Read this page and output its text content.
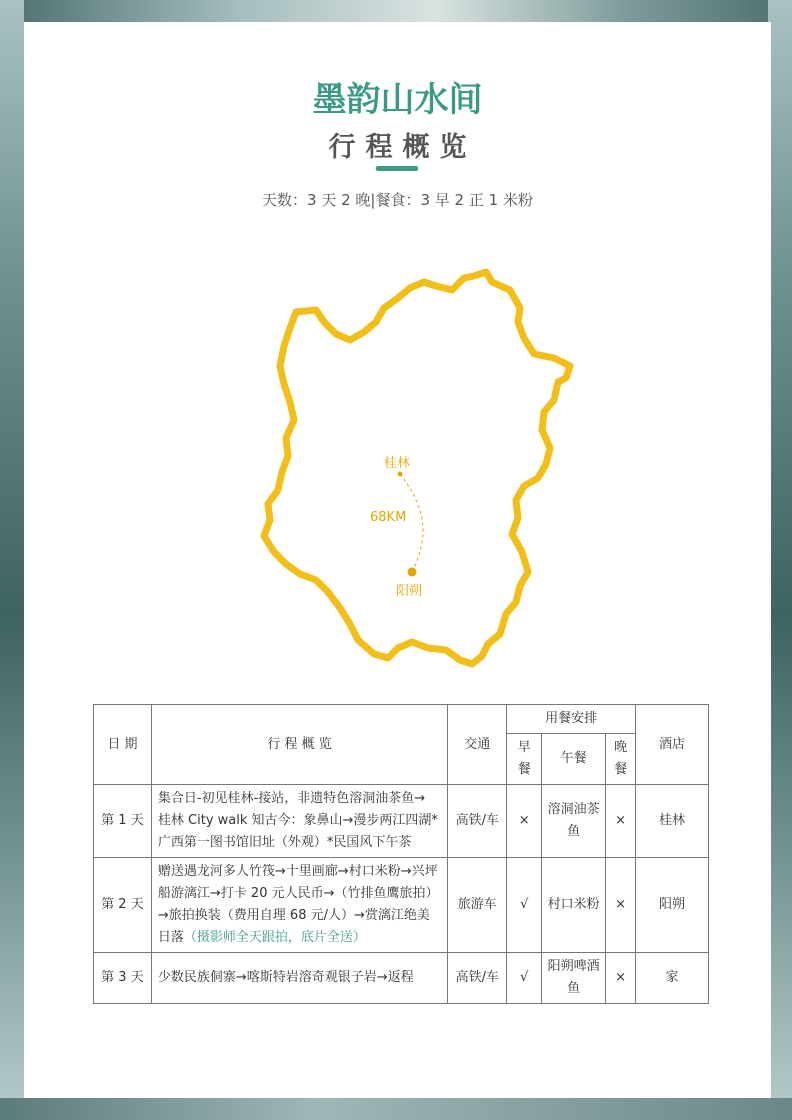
墨韵山水间
行程概览
天数：3 天 2 晚|餐食：3 早 2 正 1 米粉
桂林
68KM
阳朔
日 期	行 程 概 览	交通	用餐安排			酒店
			早餐	午餐	晚餐	
第 1 天	集合日-初见桂林-接站，非遗特色溶洞油茶鱼→ 桂林 City walk 知古今：象鼻山→漫步两江四湖*广西第一图书馆旧址（外观）*民国风下午茶	高铁/车	×	溶洞油茶鱼	×	桂林
第 2 天	赠送遇龙河多人竹筏→十里画廊→村口米粉→兴坪船游漓江→打卡 20 元人民币→（竹排鱼鹰旅拍）→旅拍换装（费用自理 68 元/人）→赏漓江绝美日落（摄影师全天跟拍，底片全送）	旅游车	√	村口米粉	×	阳朔
第 3 天	少数民族侗寨→喀斯特岩溶奇观银子岩→返程	高铁/车	√	阳朔啤酒鱼	×	家
